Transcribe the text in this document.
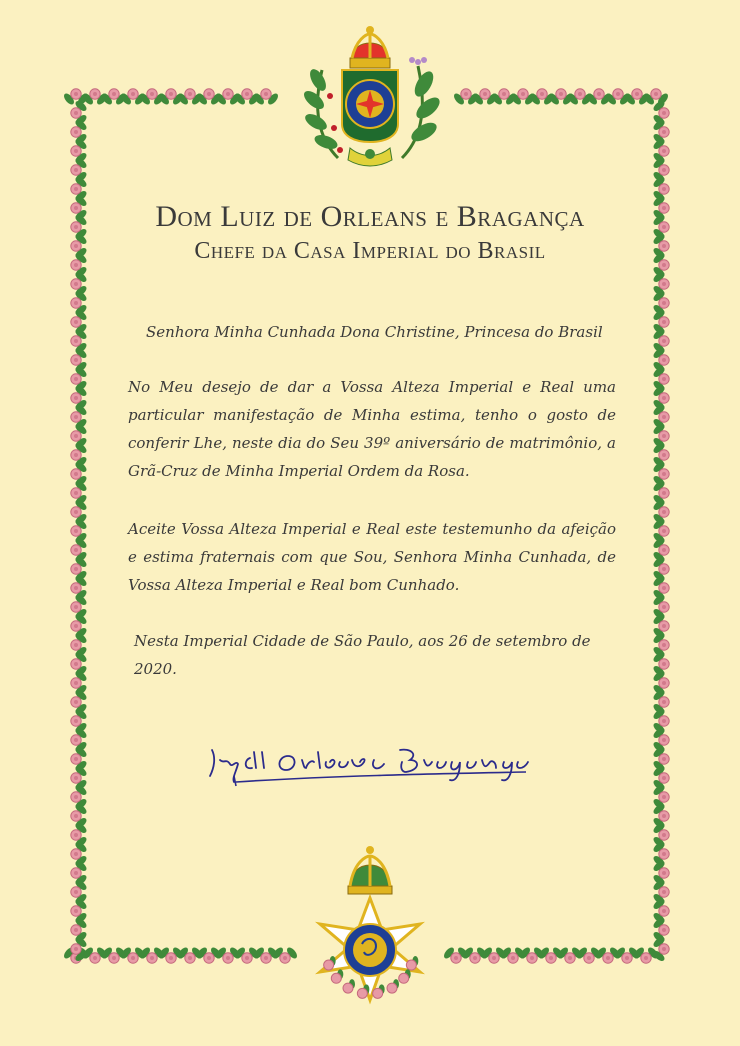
Dom Luiz de Orleans e Bragança
Chefe da Casa Imperial do Brasil
Senhora Minha Cunhada Dona Christine, Princesa do Brasil
No Meu desejo de dar a Vossa Alteza Imperial e Real uma particular manifestação de Minha estima, tenho o gosto de conferir Lhe, neste dia do Seu 39º aniversário de matrimônio, a Grã-Cruz de Minha Imperial Ordem da Rosa.
Aceite Vossa Alteza Imperial e Real este testemunho da afeição e estima fraternais com que Sou, Senhora Minha Cunhada, de Vossa Alteza Imperial e Real bom Cunhado.
Nesta Imperial Cidade de São Paulo, aos 26 de setembro de 2020.
